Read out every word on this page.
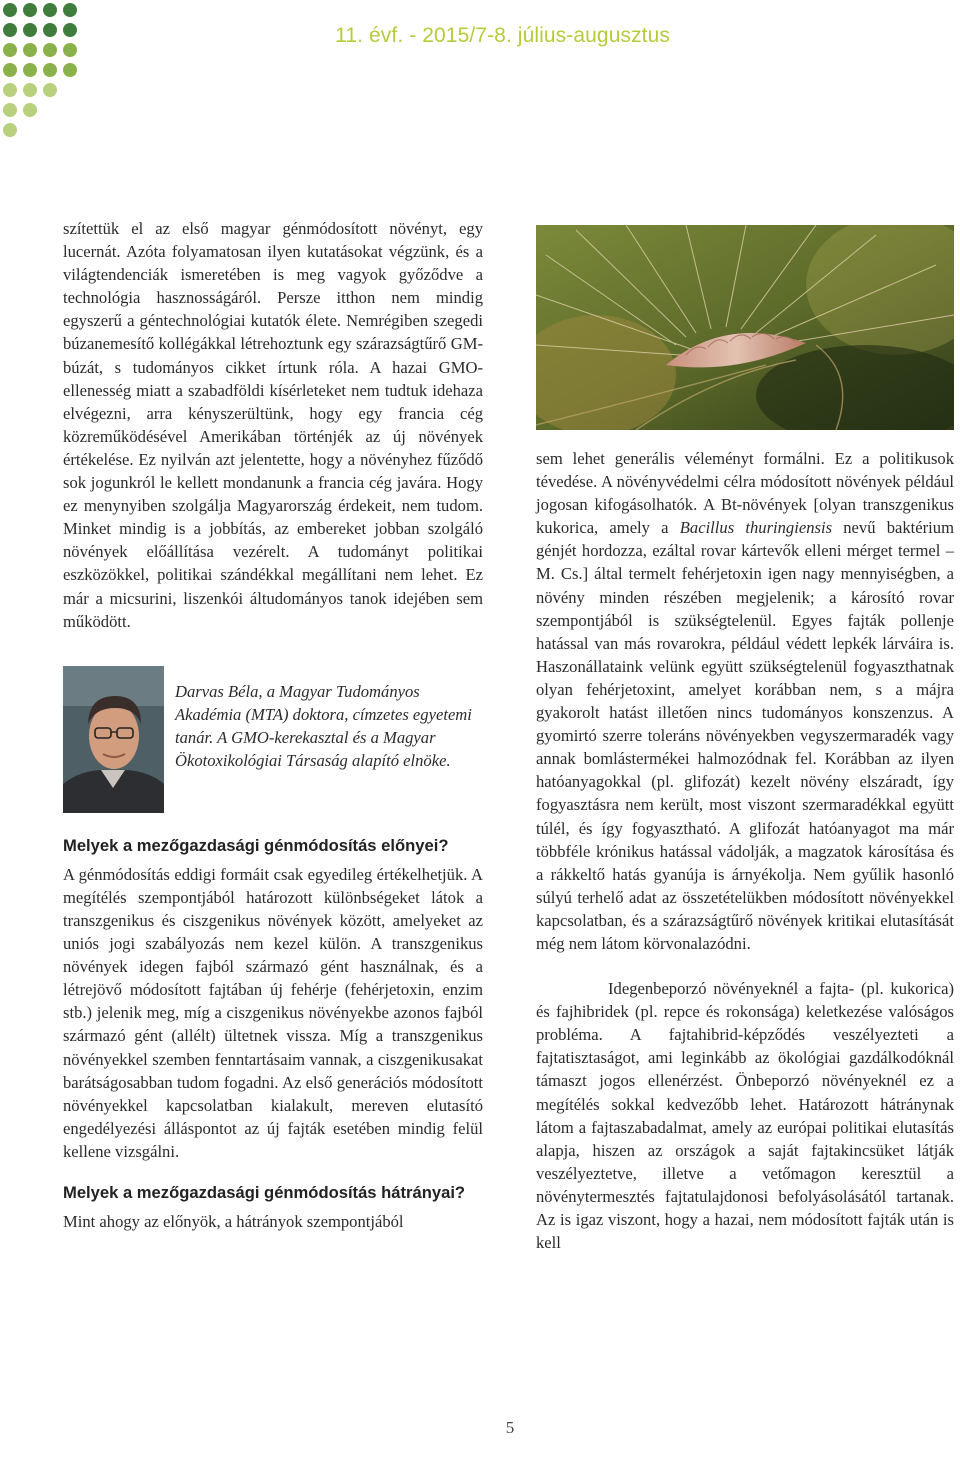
11. évf. - 2015/7-8. július-augusztus

szítettük el az első magyar génmódosított növényt, egy lucernát. Azóta folyamatosan ilyen kutatásokat végzünk, és a világtendenciák ismeretében is meg vagyok győződve a technológia hasznosságáról. Persze itthon nem mindig egyszerű a géntechnológiai kutatók élete. Nemrégiben szegedi búzanemesítő kollégákkal létrehoztunk egy szárazságtűrő GM-búzát, s tudományos cikket írtunk róla. A hazai GMO-ellenesség miatt a szabadföldi kísérleteket nem tudtuk idehaza elvégezni, arra kényszerültünk, hogy egy francia cég közreműködésével Amerikában történjék az új növények értékelése. Ez nyilván azt jelentette, hogy a növényhez fűződő sok jogunkról le kellett mondanunk a francia cég javára. Hogy ez menynyiben szolgálja Magyarország érdekeit, nem tudom. Minket mindig is a jobbítás, az embereket jobban szolgáló növények előállítása vezérelt. A tudományt politikai eszközökkel, politikai szándékkal megállítani nem lehet. Ez már a micsurini, liszenkói áltudományos tanok idejében sem működött.

Darvas Béla, a Magyar Tudományos Akadémia (MTA) doktora, címzetes egyetemi tanár. A GMO-kerekasztal és a Magyar Ökotoxikológiai Társaság alapító elnöke.
Melyek a mezőgazdasági génmódosítás előnyei?

A génmódosítás eddigi formáit csak egyedileg értékelhetjük. A megítélés szempontjából határozott különbségeket látok a transzgenikus és ciszgenikus növények között, amelyeket az uniós jogi szabályozás nem kezel külön. A transzgenikus növények idegen fajból származó gént használnak, és a létrejövő módosított fajtában új fehérje (fehérjetoxin, enzim stb.) jelenik meg, míg a ciszgenikus növényekbe azonos fajból származó gént (allélt) ültetnek vissza. Míg a transzgenikus növényekkel szemben fenntartásaim vannak, a ciszgenikusakat barátságosabban tudom fogadni. Az első generációs módosított növényekkel kapcsolatban kialakult, mereven elutasító engedélyezési álláspontot az új fajták esetében mindig felül kellene vizsgálni.

Melyek a mezőgazdasági génmódosítás hátrányai?

Mint ahogy az előnyök, a hátrányok szempontjából

sem lehet generális véleményt formálni. Ez a politikusok tévedése. A növényvédelmi célra módosított növények például jogosan kifogásolhatók. A Bt-növények [olyan transzgenikus kukorica, amely a Bacillus thuringiensis nevű baktérium génjét hordozza, ezáltal rovar kártevők elleni mérget termel – M. Cs.] által termelt fehérjetoxin igen nagy mennyiségben, a növény minden részében megjelenik; a károsító rovar szempontjából is szükségtelenül. Egyes fajták pollenje hatással van más rovarokra, például védett lepkék lárváira is. Haszonállataink velünk együtt szükségtelenül fogyaszthatnak olyan fehérjetoxint, amelyet korábban nem, s a májra gyakorolt hatást illetően nincs tudományos konszenzus. A gyomirtó szerre toleráns növényekben vegyszermaradék vagy annak bomlástermékei halmozódnak fel. Korábban az ilyen hatóanyagokkal (pl. glifozát) kezelt növény elszáradt, így fogyasztásra nem került, most viszont szermaradékkal együtt túlél, és így fogyasztható. A glifozát hatóanyagot ma már többféle krónikus hatással vádolják, a magzatok károsítása és a rákkeltő hatás gyanúja is árnyékolja. Nem gyűlik hasonló súlyú terhelő adat az összetételükben módosított növényekkel kapcsolatban, és a szárazságtűrő növények kritikai elutasítását még nem látom körvonalazódni.

Idegenbeporzó növényeknél a fajta- (pl. kukorica) és fajhibridek (pl. repce és rokonsága) keletkezése valóságos probléma. A fajtahibrid-képződés veszélyezteti a fajtatisztaságot, ami leginkább az ökológiai gazdálkodóknál támaszt jogos ellenérzést. Önbeporzó növényeknél ez a megítélés sokkal kedvezőbb lehet. Határozott hátránynak látom a fajtaszabadalmat, amely az európai politikai elutasítás alapja, hiszen az országok a saját fajtakincsüket látják veszélyeztetve, illetve a vetőmagon keresztül a növénytermesztés fajtatulajdonosi befolyásolásától tartanak. Az is igaz viszont, hogy a hazai, nem módosított fajták után is kell

5
